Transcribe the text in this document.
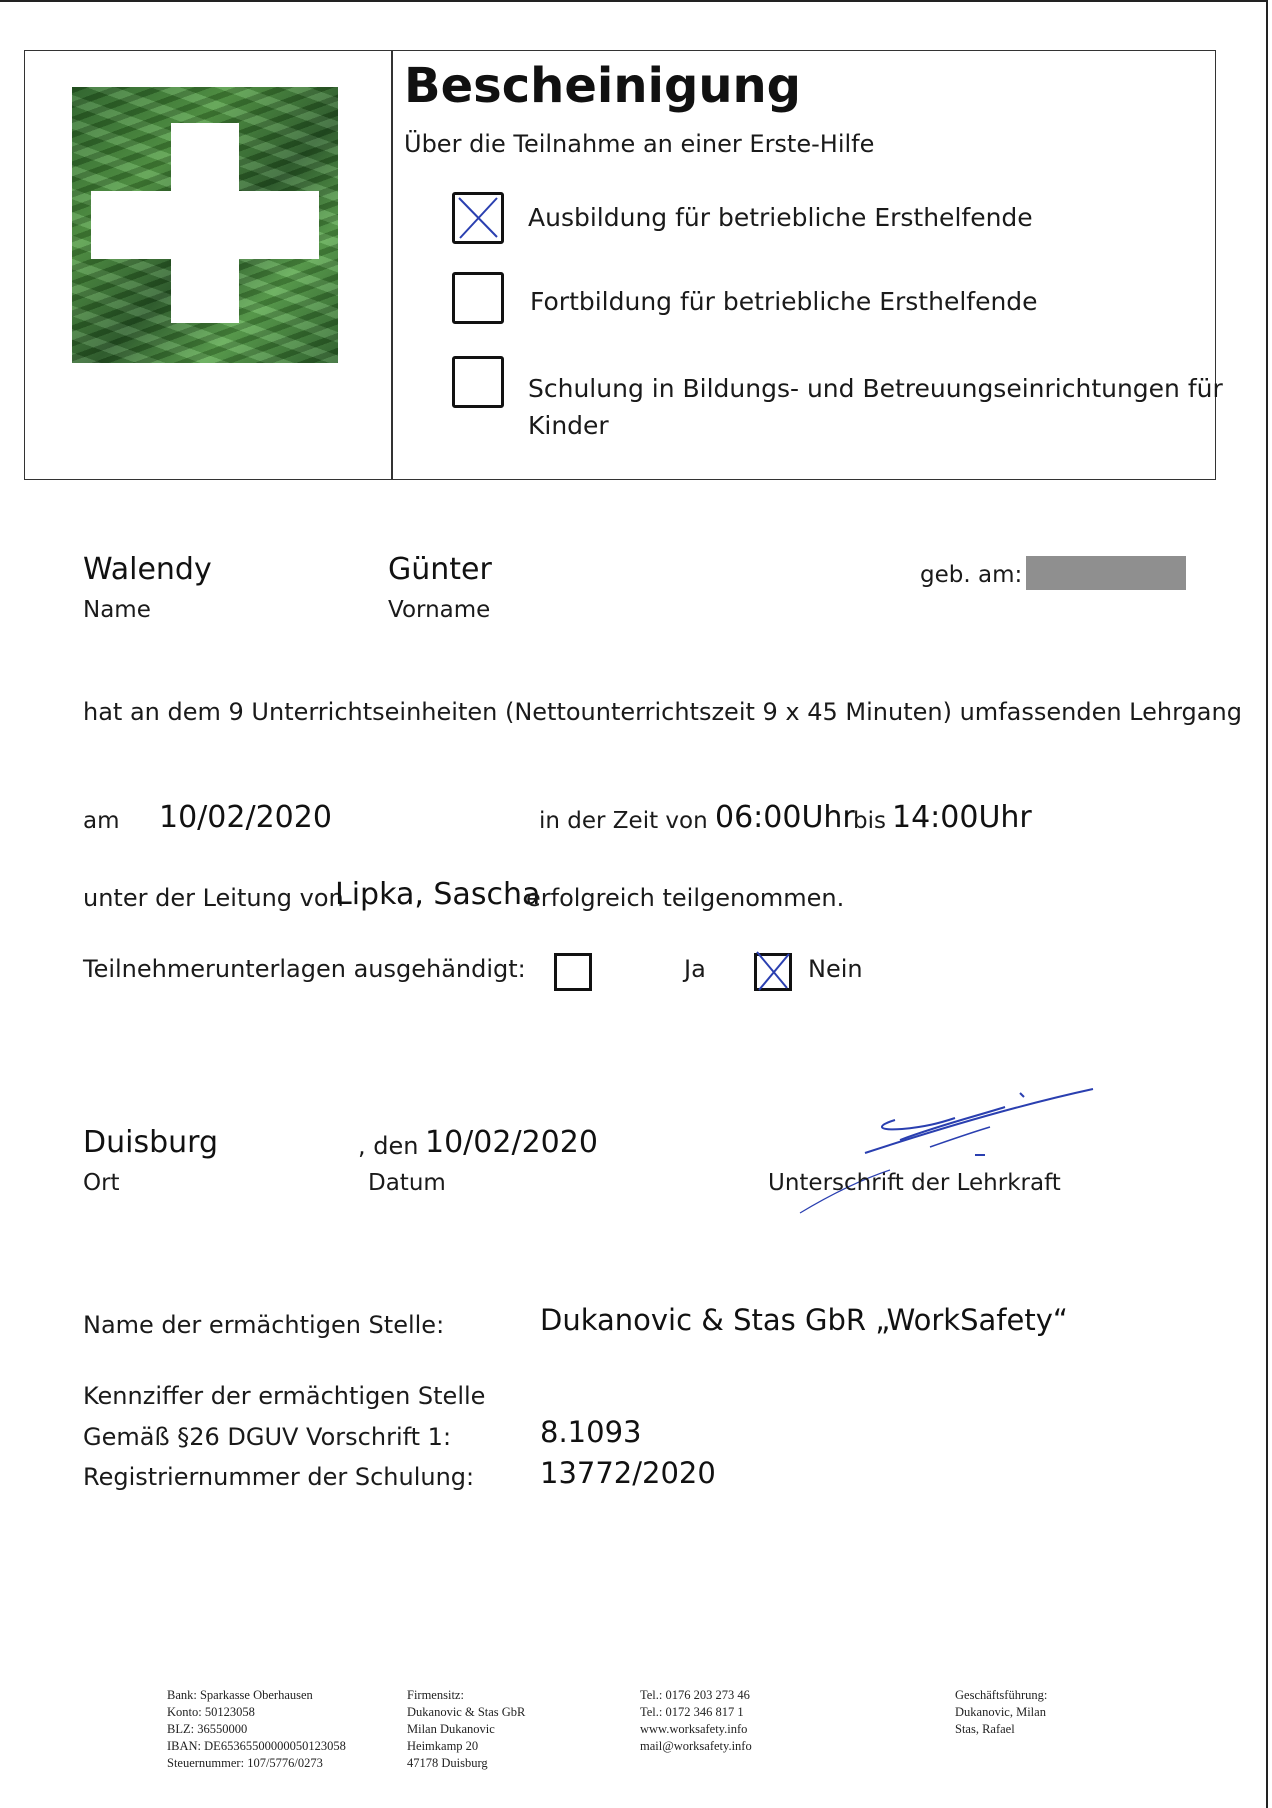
Bescheinigung
Über die Teilnahme an einer Erste-Hilfe
Ausbildung für betriebliche Ersthelfende
Fortbildung für betriebliche Ersthelfende
Schulung in Bildungs- und Betreuungseinrichtungen für Kinder
Walendy
Name
Günter
Vorname
geb. am:
hat an dem 9 Unterrichtseinheiten (Nettounterrichtszeit 9 x 45 Minuten) umfassenden Lehrgang
am 10/02/2020	in der Zeit von 06:00Uhr
bis 14:00Uhr
unter der Leitung von
Lipka, Sascha
erfolgreich teilgenommen.
Teilnehmerunterlagen ausgehändigt:	Ja	Nein
Duisburg
Ort
, den 10/02/2020
Datum	Unterschrift der Lehrkraft
Name der ermächtigen Stelle:	Dukanovic & Stas GbR „WorkSafety“
Kennziffer der ermächtigen Stelle
Gemäß §26 DGUV Vorschrift 1:	8.1093
Registriernummer der Schulung: 13772/2020
Bank: Sparkasse Oberhausen
Konto: 50123058
BLZ: 36550000
IBAN: DE65365500000050123058
Steuernummer: 107/5776/0273
Firmensitz:
Dukanovic & Stas GbR
Milan Dukanovic
Heimkamp 20
47178 Duisburg
Tel.: 0176 203 273 46
Tel.: 0172 346 817 1
www.worksafety.info
mail@worksafety.info
Geschäftsführung:
Dukanovic, Milan
Stas, Rafael
